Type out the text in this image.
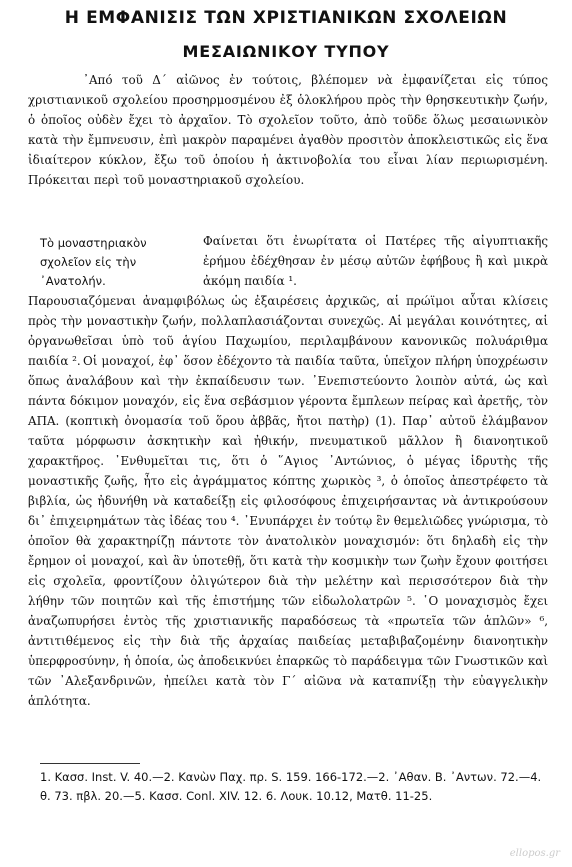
Η ΕΜΦΑΝΙΣΙΣ ΤΩΝ ΧΡΙΣΤΙΑΝΙΚΩΝ ΣΧΟΛΕΙΩΝ
ΜΕΣΑΙΩΝΙΚΟΥ ΤΥΠΟΥ
᾿Από τοῦ Δ´ αἰῶνος ἐν τούτοις, βλέπομεν νὰ ἐμφανίζεται εἰς τύπος χριστιανικοῦ σχολείου προσηρμοσμένου ἐξ ὁλοκλήρου πρὸς τὴν θρησκευτικὴν ζωήν, ὁ ὁποῖος οὐδὲν ἔχει τὸ ἀρχαῖον. Τὸ σχολεῖον τοῦτο, ἀπὸ τοῦδε ὅλως μεσαιωνικὸν κατὰ τὴν ἔμπνευσιν, ἐπὶ μακρὸν παραμένει ἀγαθὸν προσιτὸν ἀποκλειστικῶς εἰς ἕνα ἰδιαίτερον κύκλον, ἔξω τοῦ ὁποίου ἡ ἀκτινοβολία του εἶναι λίαν περιωρισμένη. Πρόκειται περὶ τοῦ μοναστηριακοῦ σχολείου.
Τὸ μοναστηριακὸν σχολεῖον εἰς τὴν ᾿Ανατολήν.
Φαίνεται ὅτι ἐνωρίτατα οἱ Πατέρες τῆς αἰγυπτιακῆς ἐρήμου ἐδέχθησαν ἐν μέσῳ αὐτῶν ἐφήβους ἢ καὶ μικρὰ ἀκόμη παιδία ¹.
Παρουσιαζόμεναι ἀναμφιβόλως ὡς ἐξαιρέσεις ἀρχικῶς, αἱ πρώϊμοι αὗται κλίσεις πρὸς τὴν μοναστικὴν ζωήν, πολλαπλασιάζονται συνεχῶς. Αἱ μεγάλαι κοινότητες, αἱ ὀργανωθεῖσαι ὑπὸ τοῦ ἁγίου Παχωμίου, περιλαμβάνουν κανονικῶς πολυάριθμα παιδία ². Οἱ μοναχοί, ἐφ᾿ ὅσον ἐδέχοντο τὰ παιδία ταῦτα, ὑπεῖχον πλήρη ὑποχρέωσιν ὅπως ἀναλάβουν καὶ τὴν ἐκπαίδευσιν των. ᾿Ενεπιστεύοντο λοιπὸν αὐτά, ὡς καὶ πάντα δόκιμον μοναχόν, εἰς ἕνα σεβάσμιον γέροντα ἔμπλεων πείρας καὶ ἀρετῆς, τὸν ΑΠΑ. (κοπτικὴ ὀνομασία τοῦ ὅρου ἀββᾶς, ἤτοι πατὴρ) (1). Παρ᾿ αὐτοῦ ἐλάμβανον ταῦτα μόρφωσιν ἀσκητικὴν καὶ ἠθικήν, πνευματικοῦ μᾶλλον ἢ διανοητικοῦ χαρακτῆρος. ᾿Ενθυμεῖται τις, ὅτι ὁ ῞Αγιος ᾿Αντώνιος, ὁ μέγας ἱδρυτὴς τῆς μοναστικῆς ζωῆς, ἦτο εἰς ἀγράμματος κόπτης χωρικὸς ³, ὁ ὁποῖος ἀπεστρέφετο τὰ βιβλία, ὡς ἠδυνήθη νὰ καταδείξῃ εἰς φιλοσόφους ἐπιχειρήσαντας νὰ ἀντικρούσουν δι᾿ ἐπιχειρημάτων τὰς ἰδέας του ⁴. ᾿Ενυπάρχει ἐν τούτῳ ἓν θεμελιῶδες γνώρισμα, τὸ ὁποῖον θὰ χαρακτηρίζῃ πάντοτε τὸν ἀνατολικὸν μοναχισμόν: ὅτι δηλαδὴ εἰς τὴν ἔρημον οἱ μοναχοί, καὶ ἂν ὑποτεθῇ, ὅτι κατὰ τὴν κοσμικὴν των ζωὴν ἔχουν φοιτήσει εἰς σχολεῖα, φροντίζουν ὀλιγώτερον διὰ τὴν μελέτην καὶ περισσότερον διὰ τὴν λήθην τῶν ποιητῶν καὶ τῆς ἐπιστήμης τῶν εἰδωλολατρῶν ⁵. ῾Ο μοναχισμὸς ἔχει ἀναζωπυρήσει ἐντὸς τῆς χριστιανικῆς παραδόσεως τὰ «πρωτεῖα τῶν ἁπλῶν» ⁶, ἀντιτιθέμενος εἰς τὴν διὰ τῆς ἀρχαίας παιδείας μεταβιβαζομένην διανοητικὴν ὑπερφροσύνην, ἡ ὁποία, ὡς ἀποδεικνύει ἐπαρκῶς τὸ παράδειγμα τῶν Γνωστικῶν καὶ τῶν ᾿Αλεξανδρινῶν, ἠπείλει κατὰ τὸν Γ´ αἰῶνα νὰ καταπνίξῃ τὴν εὐαγγελικὴν ἁπλότητα.
1. Κασσ. Inst. V. 40.—2. Κανὼν Παχ. πρ. S. 159. 166-172.—2. ᾿Αθαν. Β. ᾿Αντων. 72.—4. θ. 73. πβλ. 20.—5. Κασσ. Conl. XIV. 12. 6. Λουκ. 10.12, Ματθ. 11-25.
ellopos.gr
